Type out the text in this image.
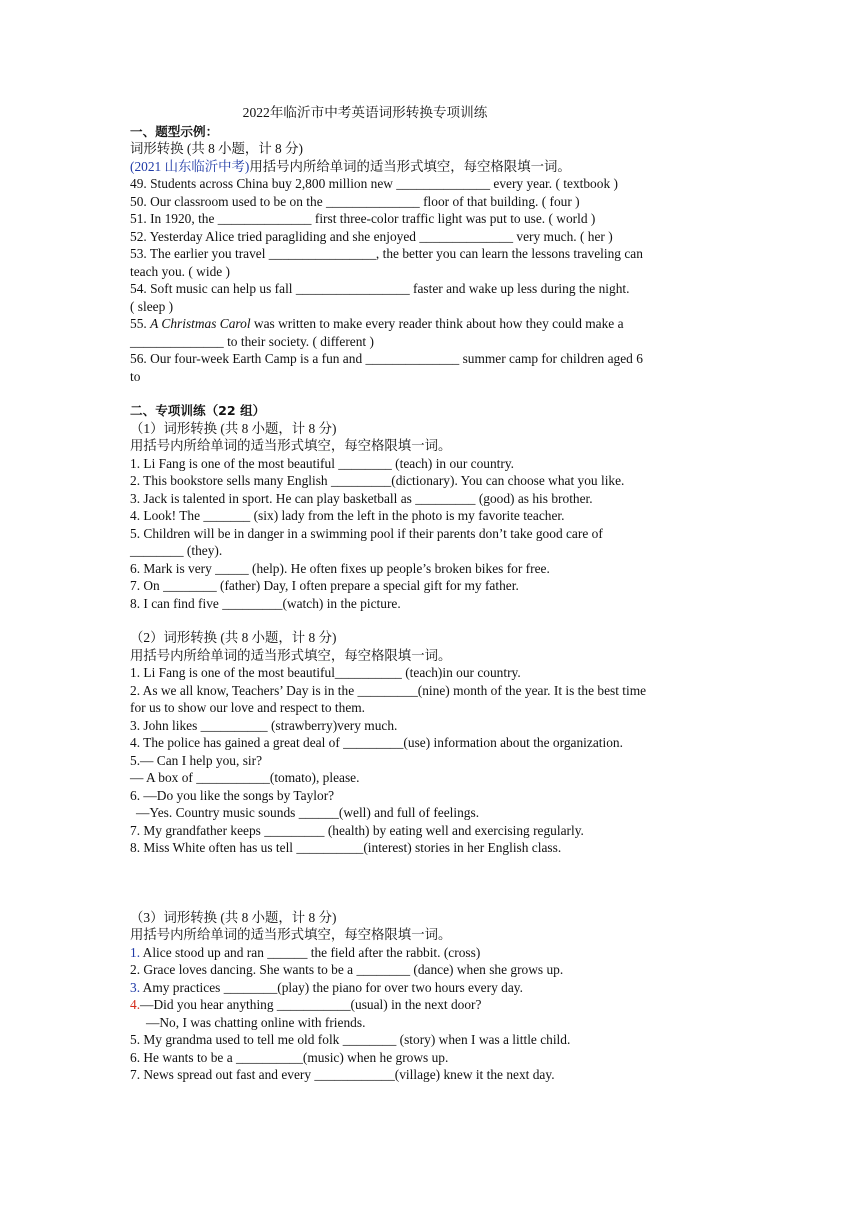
2022年临沂市中考英语词形转换专项训练
一、题型示例：
词形转换 (共 8 小题，计 8 分)
(2021 山东临沂中考)用括号内所给单词的适当形式填空，每空格限填一词。
49. Students across China buy 2,800 million new ______________ every year. ( textbook )
50. Our classroom used to be on the ______________ floor of that building. ( four )
51. In 1920, the ______________ first three-color traffic light was put to use. ( world )
52. Yesterday Alice tried paragliding and she enjoyed ______________ very much. ( her )
53. The earlier you travel ________________, the better you can learn the lessons traveling can
teach you. ( wide )
54. Soft music can help us fall _________________ faster and wake up less during the night.
( sleep )
55. A Christmas Carol was written to make every reader think about how they could make a
______________ to their society. ( different )
56. Our four-week Earth Camp is a fun and ______________ summer camp for children aged 6
to
二、专项训练（22 组）
（1）词形转换 (共 8 小题，计 8 分)
用括号内所给单词的适当形式填空，每空格限填一词。
1. Li Fang is one of the most beautiful ________ (teach) in our country.
2. This bookstore sells many English _________(dictionary). You can choose what you like.
3. Jack is talented in sport. He can play basketball as _________ (good) as his brother.
4. Look! The _______ (six) lady from the left in the photo is my favorite teacher.
5. Children will be in danger in a swimming pool if their parents don’t take good care of
________ (they).
6. Mark is very _____ (help). He often fixes up people’s broken bikes for free.
7. On ________ (father) Day, I often prepare a special gift for my father.
8. I can find five _________(watch) in the picture.
（2）词形转换 (共 8 小题，计 8 分)
用括号内所给单词的适当形式填空，每空格限填一词。
1. Li Fang is one of the most beautiful__________ (teach)in our country.
2. As we all know, Teachers’ Day is in the _________(nine) month of the year. It is the best time
for us to show our love and respect to them.
3. John likes __________ (strawberry)very much.
4. The police has gained a great deal of _________(use) information about the organization.
5.— Can I help you, sir?
— A box of ___________(tomato), please.
6. —Do you like the songs by Taylor?
—Yes. Country music sounds ______(well) and full of feelings.
7. My grandfather keeps _________ (health) by eating well and exercising regularly.
8. Miss White often has us tell __________(interest) stories in her English class.
（3）词形转换 (共 8 小题，计 8 分)
用括号内所给单词的适当形式填空，每空格限填一词。
1. Alice stood up and ran ______ the field after the rabbit. (cross)
2. Grace loves dancing. She wants to be a ________ (dance) when she grows up.
3. Amy practices ________(play) the piano for over two hours every day.
4.—Did you hear anything ___________(usual) in the next door?
—No, I was chatting online with friends.
5. My grandma used to tell me old folk ________ (story) when I was a little child.
6. He wants to be a __________(music) when he grows up.
7. News spread out fast and every ____________(village) knew it the next day.
